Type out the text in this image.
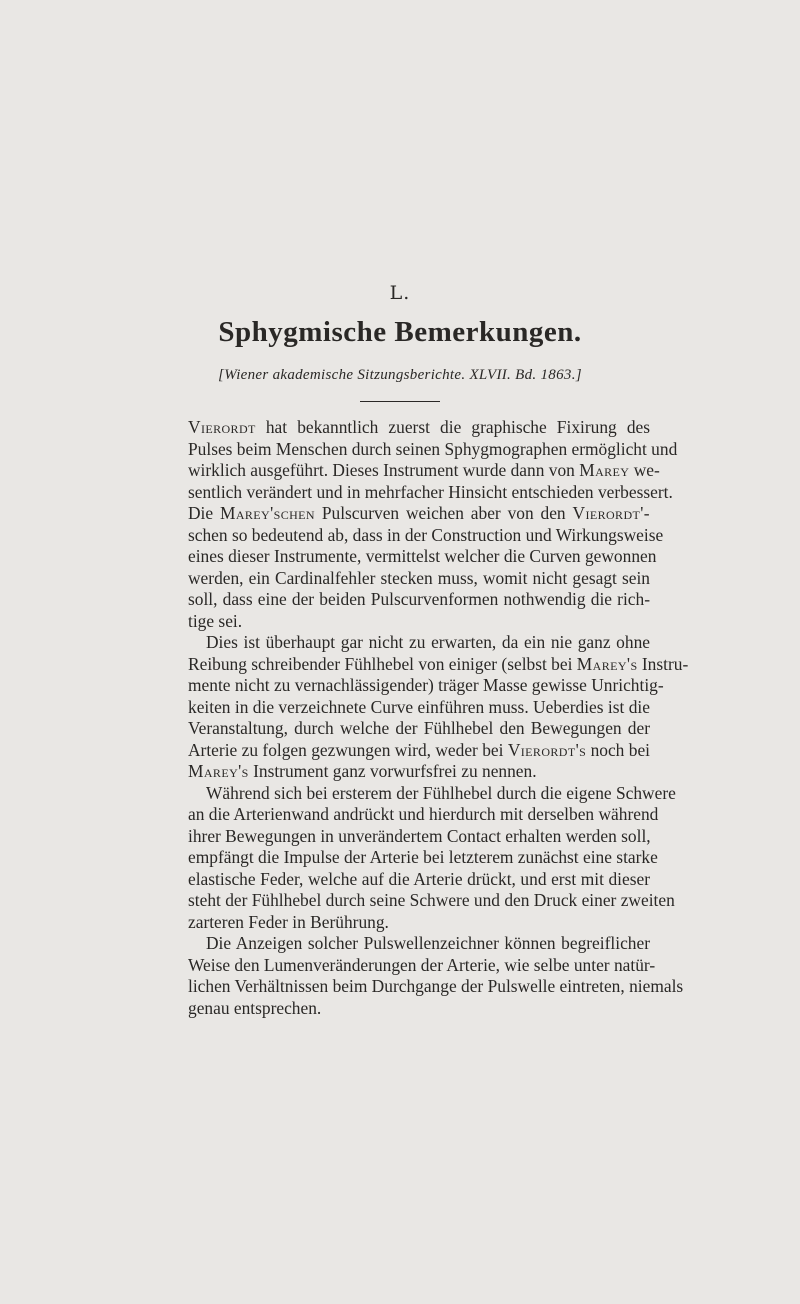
L.
Sphygmische Bemerkungen.
[Wiener akademische Sitzungsberichte. XLVII. Bd. 1863.]
Vierordt hat bekanntlich zuerst die graphische Fixirung des
Pulses beim Menschen durch seinen Sphygmographen ermöglicht und
wirklich ausgeführt. Dieses Instrument wurde dann von Marey we-
sentlich verändert und in mehrfacher Hinsicht entschieden verbessert.
Die Marey'schen Pulscurven weichen aber von den Vierordt'-
schen so bedeutend ab, dass in der Construction und Wirkungsweise
eines dieser Instrumente, vermittelst welcher die Curven gewonnen
werden, ein Cardinalfehler stecken muss, womit nicht gesagt sein
soll, dass eine der beiden Pulscurvenformen nothwendig die rich-
tige sei.
Dies ist überhaupt gar nicht zu erwarten, da ein nie ganz ohne
Reibung schreibender Fühlhebel von einiger (selbst bei Marey's Instru-
mente nicht zu vernachlässigender) träger Masse gewisse Unrichtig-
keiten in die verzeichnete Curve einführen muss. Ueberdies ist die
Veranstaltung, durch welche der Fühlhebel den Bewegungen der
Arterie zu folgen gezwungen wird, weder bei Vierordt's noch bei
Marey's Instrument ganz vorwurfsfrei zu nennen.
Während sich bei ersterem der Fühlhebel durch die eigene Schwere
an die Arterienwand andrückt und hierdurch mit derselben während
ihrer Bewegungen in unverändertem Contact erhalten werden soll,
empfängt die Impulse der Arterie bei letzterem zunächst eine starke
elastische Feder, welche auf die Arterie drückt, und erst mit dieser
steht der Fühlhebel durch seine Schwere und den Druck einer zweiten
zarteren Feder in Berührung.
Die Anzeigen solcher Pulswellenzeichner können begreiflicher
Weise den Lumenveränderungen der Arterie, wie selbe unter natür-
lichen Verhältnissen beim Durchgange der Pulswelle eintreten, niemals
genau entsprechen.
